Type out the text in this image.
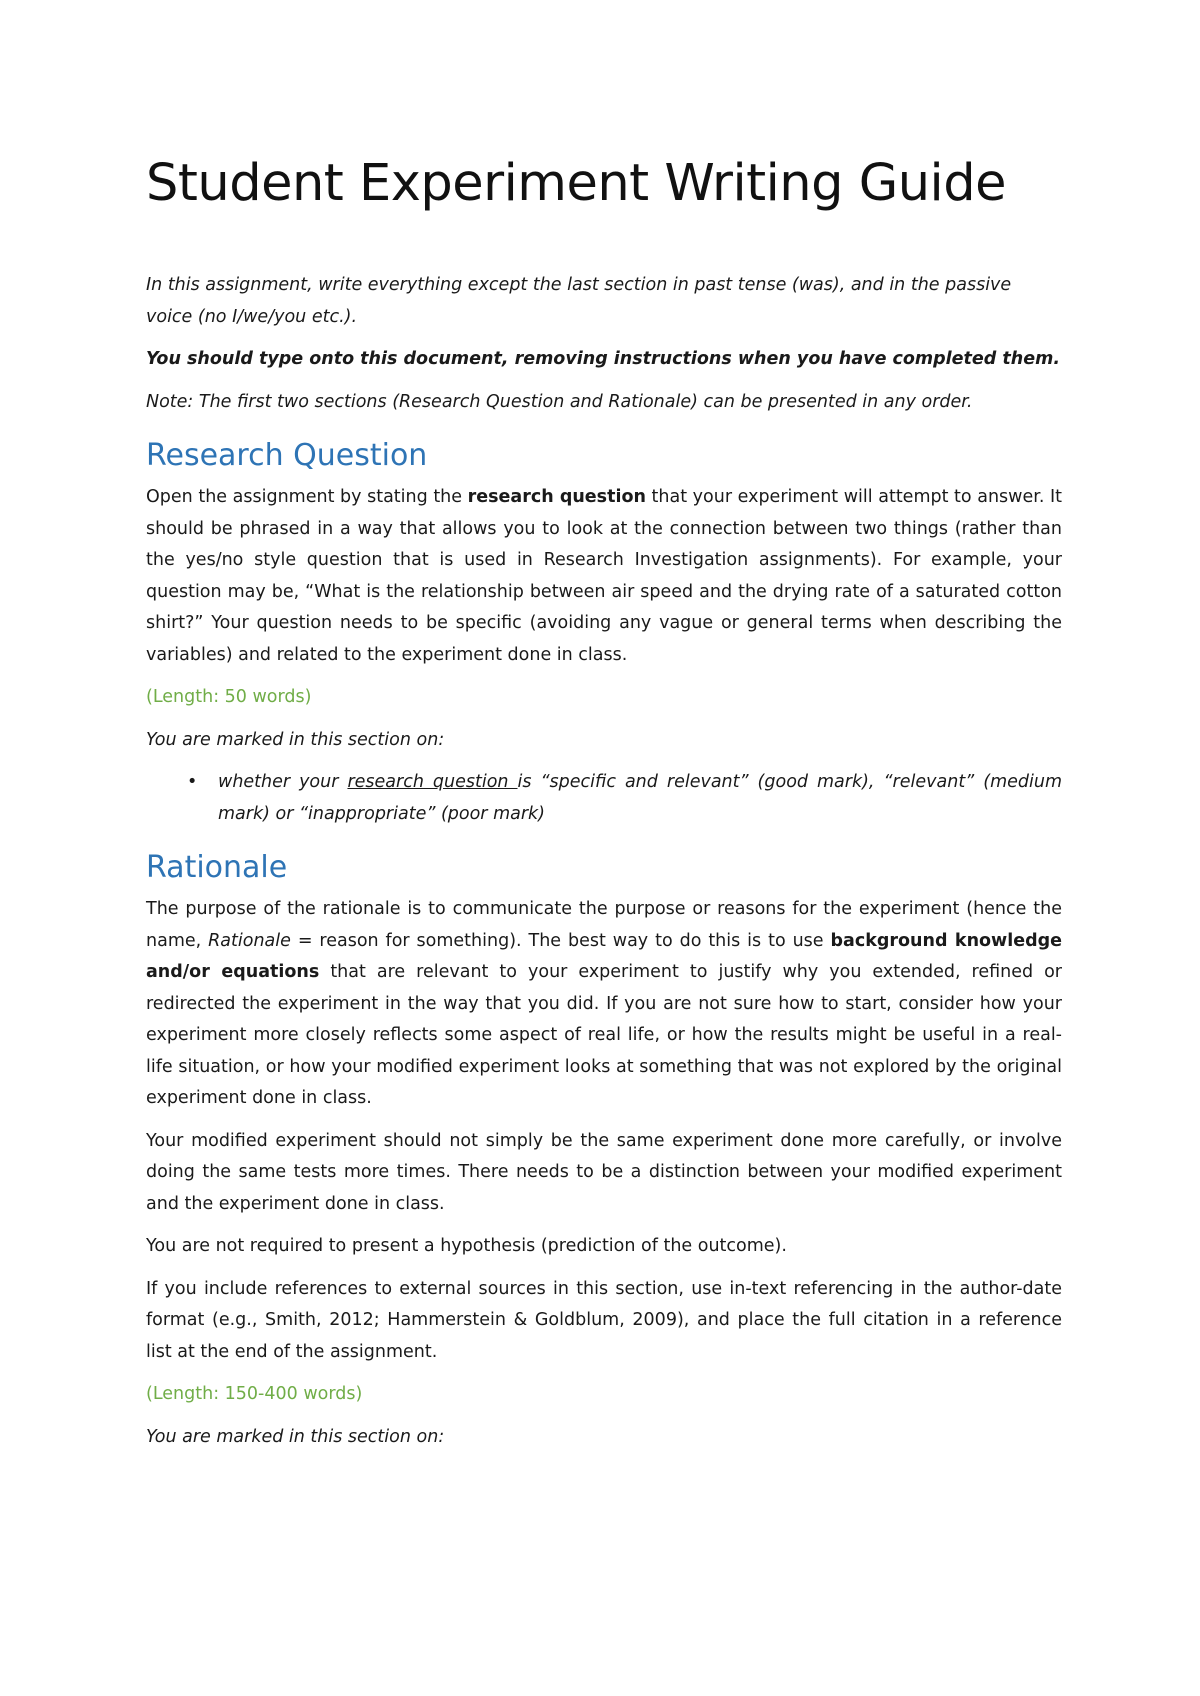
Student Experiment Writing Guide

In this assignment, write everything except the last section in past tense (was), and in the passive voice (no I/we/you etc.).

You should type onto this document, removing instructions when you have completed them.

Note: The first two sections (Research Question and Rationale) can be presented in any order.

Research Question

Open the assignment by stating the research question that your experiment will attempt to answer. It should be phrased in a way that allows you to look at the connection between two things (rather than the yes/no style question that is used in Research Investigation assignments). For example, your question may be, “What is the relationship between air speed and the drying rate of a saturated cotton shirt?” Your question needs to be specific (avoiding any vague or general terms when describing the variables) and related to the experiment done in class.

(Length: 50 words)

You are marked in this section on:

• whether your research question is “specific and relevant” (good mark), “relevant” (medium mark) or “inappropriate” (poor mark)
Rationale

The purpose of the rationale is to communicate the purpose or reasons for the experiment (hence the name, Rationale = reason for something). The best way to do this is to use background knowledge and/or equations that are relevant to your experiment to justify why you extended, refined or redirected the experiment in the way that you did. If you are not sure how to start, consider how your experiment more closely reflects some aspect of real life, or how the results might be useful in a real-life situation, or how your modified experiment looks at something that was not explored by the original experiment done in class.

Your modified experiment should not simply be the same experiment done more carefully, or involve doing the same tests more times. There needs to be a distinction between your modified experiment and the experiment done in class.

You are not required to present a hypothesis (prediction of the outcome).

If you include references to external sources in this section, use in-text referencing in the author-date format (e.g., Smith, 2012; Hammerstein & Goldblum, 2009), and place the full citation in a reference list at the end of the assignment.

(Length: 150-400 words)

You are marked in this section on:
